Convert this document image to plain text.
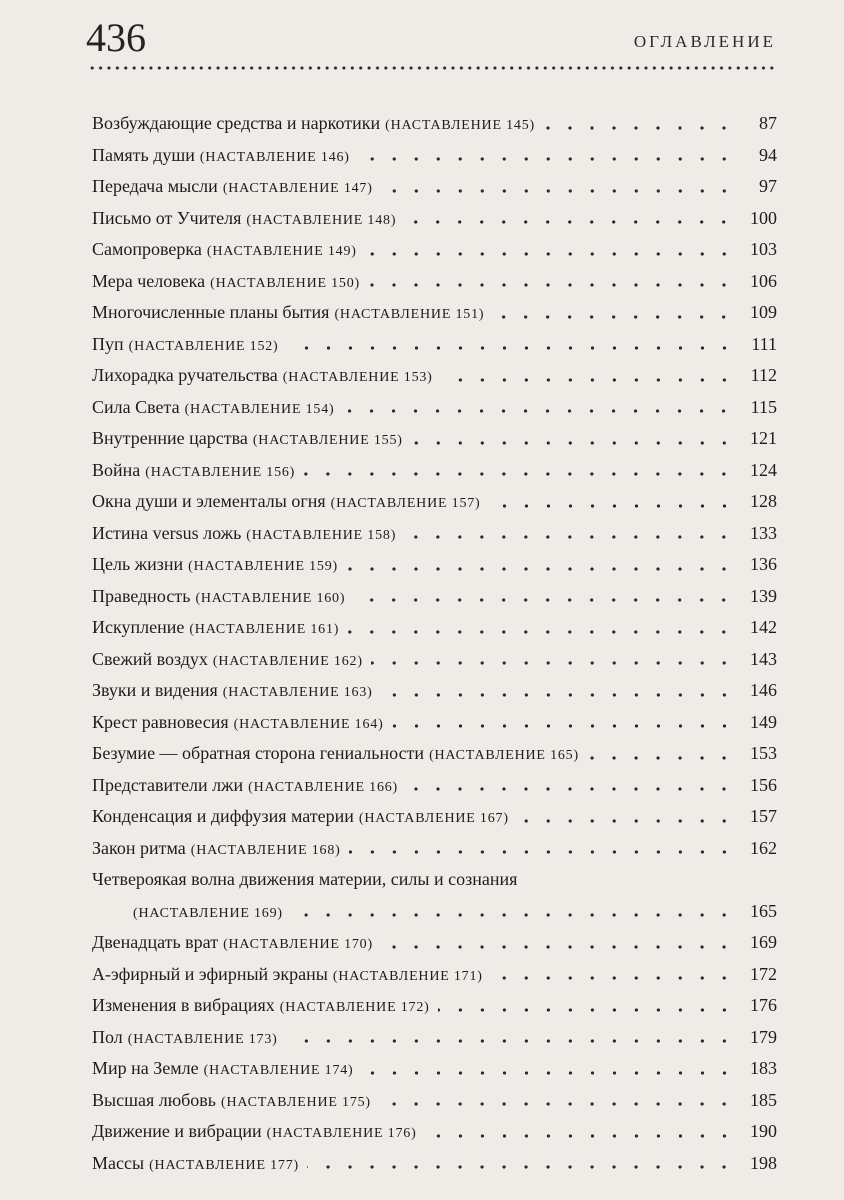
436	ОГЛАВЛЕНИЕ
Возбуждающие средства и наркотики (НАСТАВЛЕНИЕ 145)	87
Память души (НАСТАВЛЕНИЕ 146)	94
Передача мысли (НАСТАВЛЕНИЕ 147)	97
Письмо от Учителя (НАСТАВЛЕНИЕ 148)	100
Самопроверка (НАСТАВЛЕНИЕ 149)	103
Мера человека (НАСТАВЛЕНИЕ 150)	106
Многочисленные планы бытия (НАСТАВЛЕНИЕ 151)	109
Пуп (НАСТАВЛЕНИЕ 152)	111
Лихорадка ручательства (НАСТАВЛЕНИЕ 153)	112
Сила Света (НАСТАВЛЕНИЕ 154)	115
Внутренние царства (НАСТАВЛЕНИЕ 155)	121
Война (НАСТАВЛЕНИЕ 156)	124
Окна души и элементалы огня (НАСТАВЛЕНИЕ 157)	128
Истина versus ложь (НАСТАВЛЕНИЕ 158)	133
Цель жизни (НАСТАВЛЕНИЕ 159)	136
Праведность (НАСТАВЛЕНИЕ 160)	139
Искупление (НАСТАВЛЕНИЕ 161)	142
Свежий воздух (НАСТАВЛЕНИЕ 162)	143
Звуки и видения (НАСТАВЛЕНИЕ 163)	146
Крест равновесия (НАСТАВЛЕНИЕ 164)	149
Безумие — обратная сторона гениальности (НАСТАВЛЕНИЕ 165)	153
Представители лжи (НАСТАВЛЕНИЕ 166)	156
Конденсация и диффузия материи (НАСТАВЛЕНИЕ 167)	157
Закон ритма (НАСТАВЛЕНИЕ 168)	162
Четвероякая волна движения материи, силы и сознания
(НАСТАВЛЕНИЕ 169)	165
Двенадцать врат (НАСТАВЛЕНИЕ 170)	169
А-эфирный и эфирный экраны (НАСТАВЛЕНИЕ 171)	172
Изменения в вибрациях (НАСТАВЛЕНИЕ 172)	176
Пол (НАСТАВЛЕНИЕ 173)	179
Мир на Земле (НАСТАВЛЕНИЕ 174)	183
Высшая любовь (НАСТАВЛЕНИЕ 175)	185
Движение и вибрации (НАСТАВЛЕНИЕ 176)	190
Массы (НАСТАВЛЕНИЕ 177)	198
